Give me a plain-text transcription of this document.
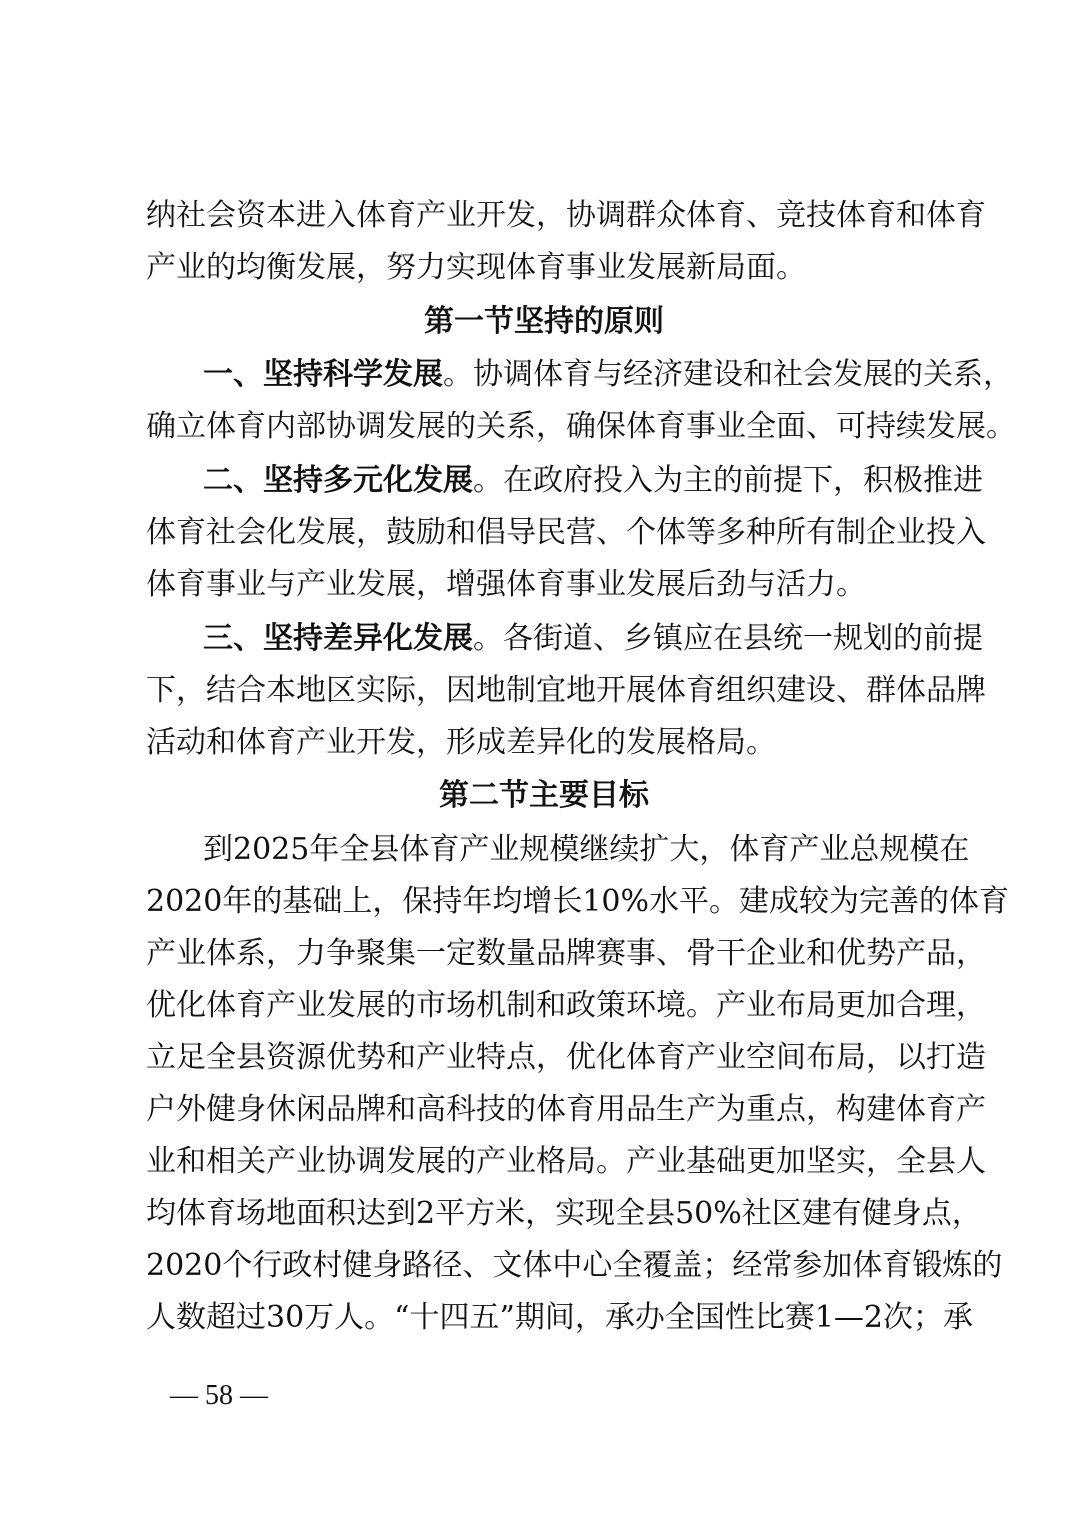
纳社会资本进入体育产业开发，协调群众体育、竞技体育和体育
产业的均衡发展，努力实现体育事业发展新局面。
第一节坚持的原则
一、坚持科学发展。协调体育与经济建设和社会发展的关系，
确立体育内部协调发展的关系，确保体育事业全面、可持续发展。
二、坚持多元化发展。在政府投入为主的前提下，积极推进
体育社会化发展，鼓励和倡导民营、个体等多种所有制企业投入
体育事业与产业发展，增强体育事业发展后劲与活力。
三、坚持差异化发展。各街道、乡镇应在县统一规划的前提
下，结合本地区实际，因地制宜地开展体育组织建设、群体品牌
活动和体育产业开发，形成差异化的发展格局。
第二节主要目标
到2025年全县体育产业规模继续扩大，体育产业总规模在
2020年的基础上，保持年均增长10%水平。建成较为完善的体育
产业体系，力争聚集一定数量品牌赛事、骨干企业和优势产品，
优化体育产业发展的市场机制和政策环境。产业布局更加合理，
立足全县资源优势和产业特点，优化体育产业空间布局，以打造
户外健身休闲品牌和高科技的体育用品生产为重点，构建体育产
业和相关产业协调发展的产业格局。产业基础更加坚实，全县人
均体育场地面积达到2平方米，实现全县50%社区建有健身点，
2020个行政村健身路径、文体中心全覆盖；经常参加体育锻炼的
人数超过30万人。“十四五”期间，承办全国性比赛1—2次；承
— 58 —
